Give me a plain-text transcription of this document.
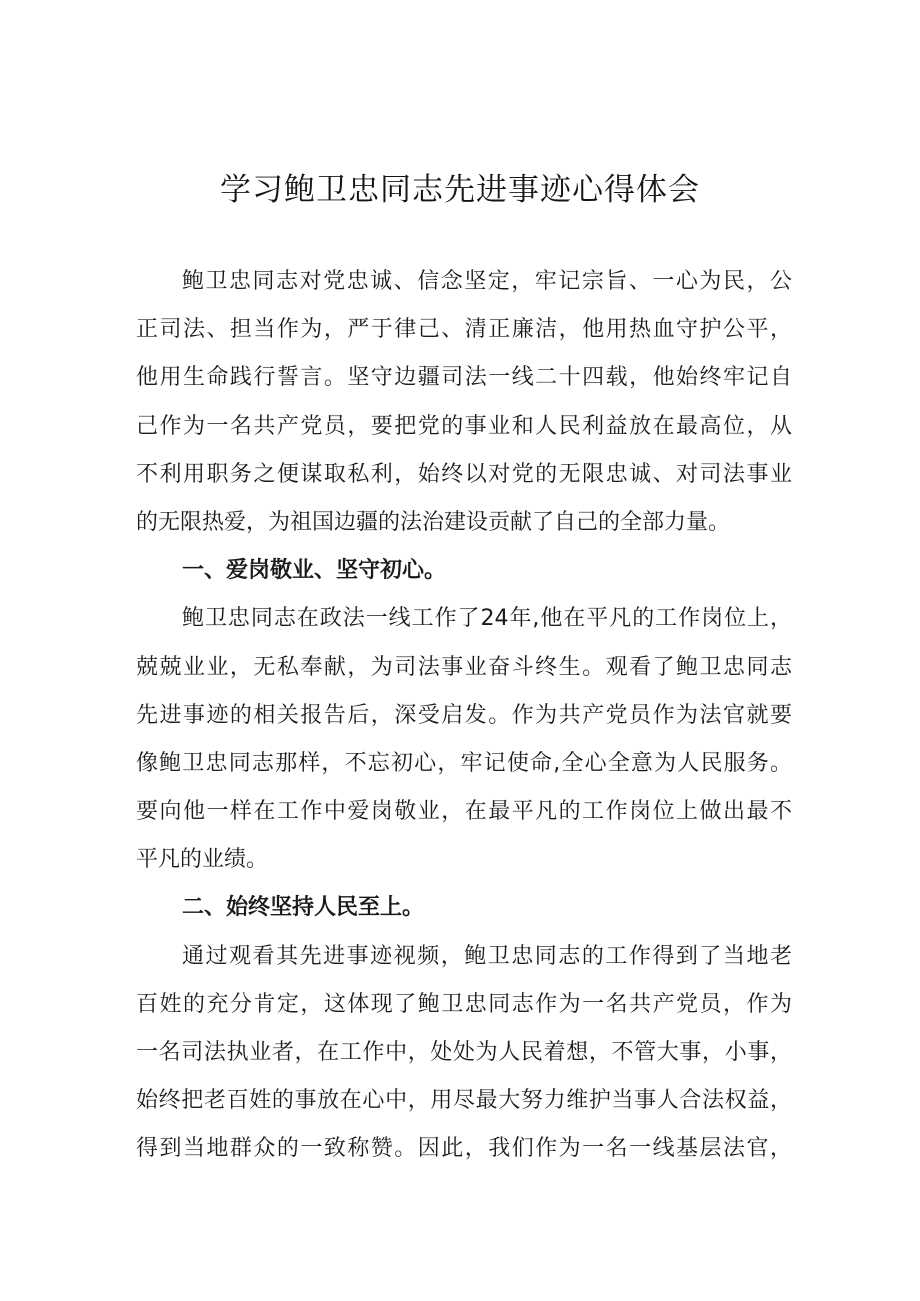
学习鲍卫忠同志先进事迹心得体会
鲍卫忠同志对党忠诚、信念坚定，牢记宗旨、一心为民，公
正司法、担当作为，严于律己、清正廉洁，他用热血守护公平，
他用生命践行誓言。坚守边疆司法一线二十四载，他始终牢记自
己作为一名共产党员，要把党的事业和人民利益放在最高位，从
不利用职务之便谋取私利，始终以对党的无限忠诚、对司法事业
的无限热爱，为祖国边疆的法治建设贡献了自己的全部力量。
一、爱岗敬业、坚守初心。
鲍卫忠同志在政法一线工作了24年,他在平凡的工作岗位上，
兢兢业业，无私奉献，为司法事业奋斗终生。观看了鲍卫忠同志
先进事迹的相关报告后，深受启发。作为共产党员作为法官就要
像鲍卫忠同志那样，不忘初心，牢记使命,全心全意为人民服务。
要向他一样在工作中爱岗敬业，在最平凡的工作岗位上做出最不
平凡的业绩。
二、始终坚持人民至上。
通过观看其先进事迹视频，鲍卫忠同志的工作得到了当地老
百姓的充分肯定，这体现了鲍卫忠同志作为一名共产党员，作为
一名司法执业者，在工作中，处处为人民着想，不管大事，小事，
始终把老百姓的事放在心中，用尽最大努力维护当事人合法权益，
得到当地群众的一致称赞。因此，我们作为一名一线基层法官，
